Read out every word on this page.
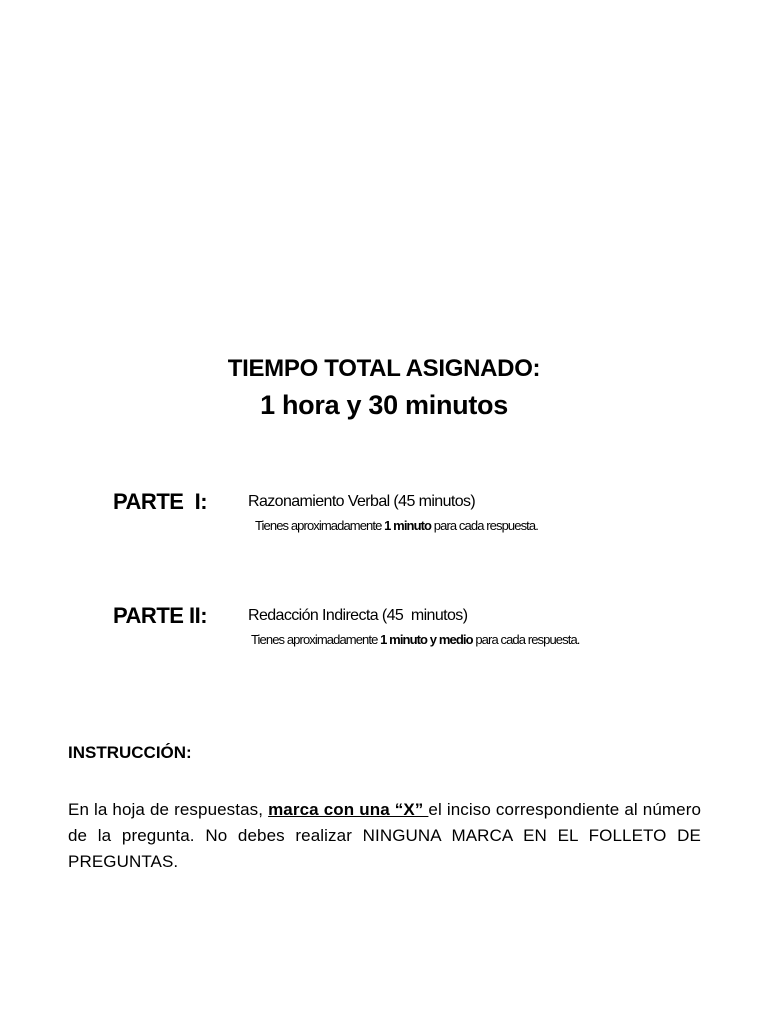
TIEMPO TOTAL ASIGNADO:

1 hora y 30 minutos

PARTE  I:	Razonamiento Verbal (45 minutos)
Tienes aproximadamente 1 minuto para cada respuesta.
PARTE II:	Redacción Indirecta (45  minutos)
Tienes aproximadamente 1 minuto y medio para cada respuesta.
INSTRUCCIÓN:
En la hoja de respuestas, marca con una “X” el inciso correspondiente al número de la pregunta. No debes realizar NINGUNA MARCA EN EL FOLLETO DE PREGUNTAS.
